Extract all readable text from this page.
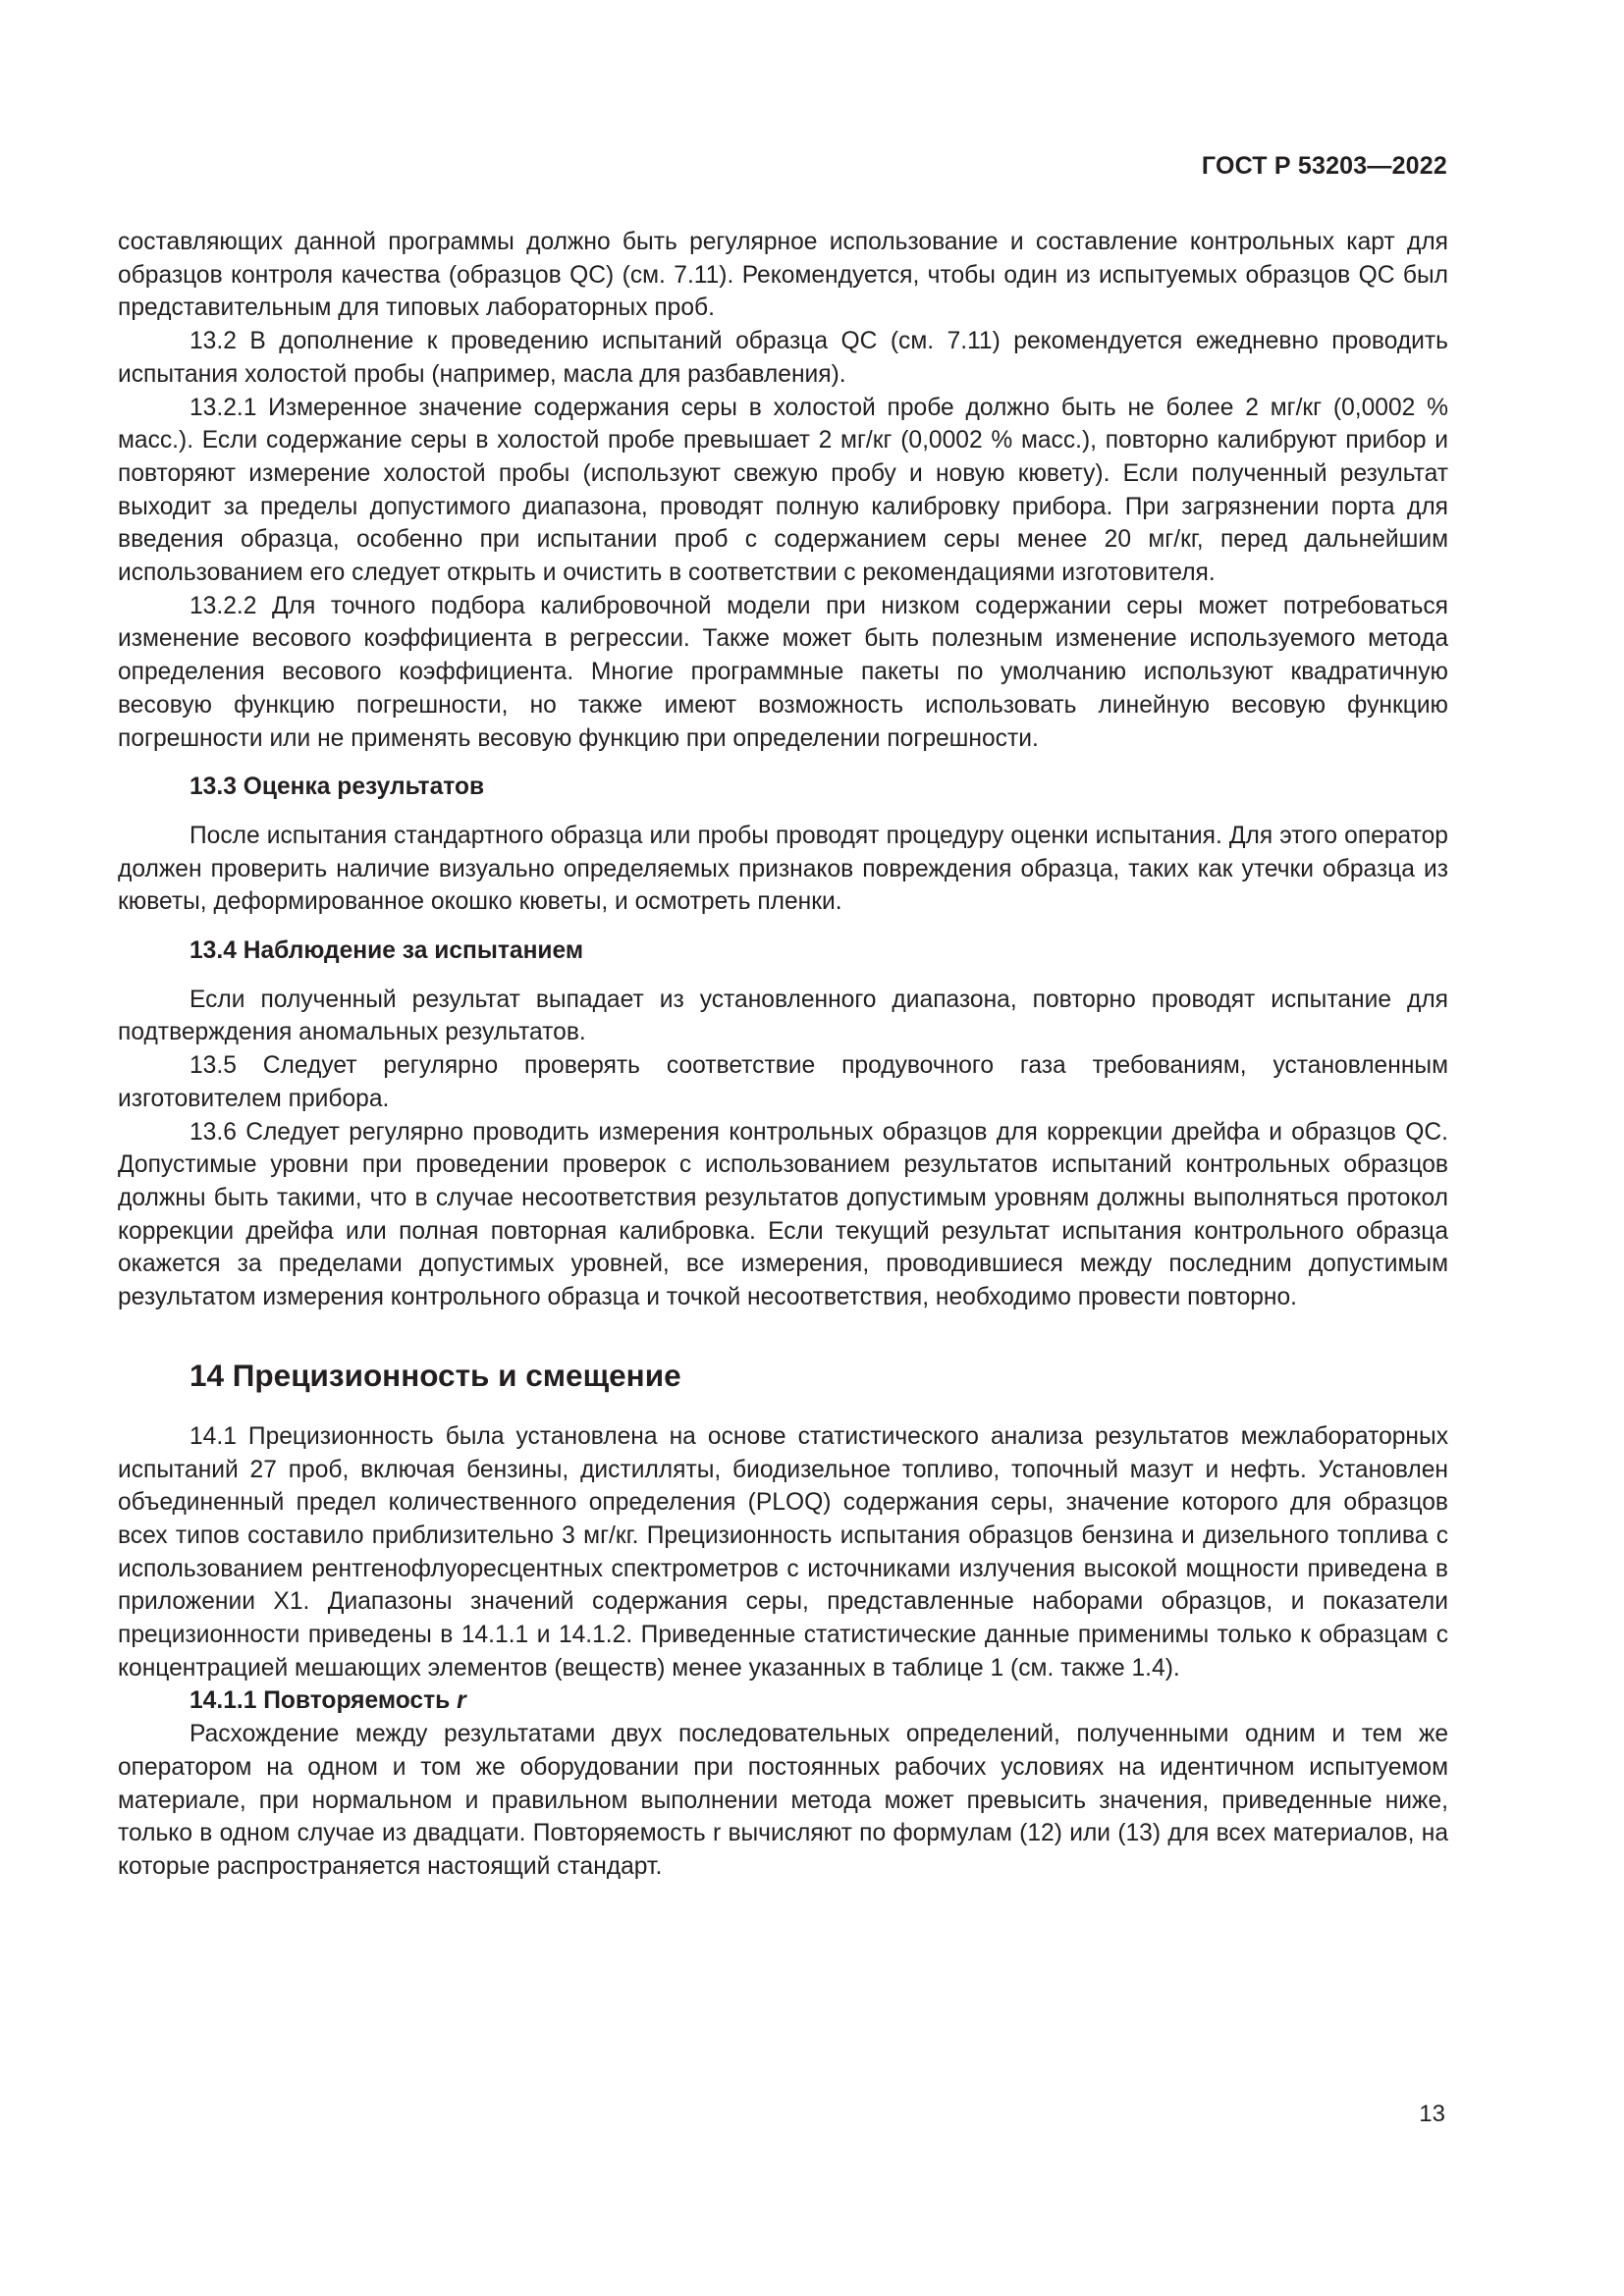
ГОСТ Р 53203—2022

составляющих данной программы должно быть регулярное использование и составление контрольных карт для образцов контроля качества (образцов QC) (см. 7.11). Рекомендуется, чтобы один из испытуемых образцов QC был представительным для типовых лабораторных проб.

13.2 В дополнение к проведению испытаний образца QC (см. 7.11) рекомендуется ежедневно проводить испытания холостой пробы (например, масла для разбавления).

13.2.1 Измеренное значение содержания серы в холостой пробе должно быть не более 2 мг/кг (0,0002 % масс.). Если содержание серы в холостой пробе превышает 2 мг/кг (0,0002 % масс.), повторно калибруют прибор и повторяют измерение холостой пробы (используют свежую пробу и новую кювету). Если полученный результат выходит за пределы допустимого диапазона, проводят полную калибровку прибора. При загрязнении порта для введения образца, особенно при испытании проб с содержанием серы менее 20 мг/кг, перед дальнейшим использованием его следует открыть и очистить в соответствии с рекомендациями изготовителя.

13.2.2 Для точного подбора калибровочной модели при низком содержании серы может потребоваться изменение весового коэффициента в регрессии. Также может быть полезным изменение используемого метода определения весового коэффициента. Многие программные пакеты по умолчанию используют квадратичную весовую функцию погрешности, но также имеют возможность использовать линейную весовую функцию погрешности или не применять весовую функцию при определении погрешности.

13.3 Оценка результатов

После испытания стандартного образца или пробы проводят процедуру оценки испытания. Для этого оператор должен проверить наличие визуально определяемых признаков повреждения образца, таких как утечки образца из кюветы, деформированное окошко кюветы, и осмотреть пленки.

13.4 Наблюдение за испытанием

Если полученный результат выпадает из установленного диапазона, повторно проводят испытание для подтверждения аномальных результатов.

13.5 Следует регулярно проверять соответствие продувочного газа требованиям, установленным изготовителем прибора.

13.6 Следует регулярно проводить измерения контрольных образцов для коррекции дрейфа и образцов QC. Допустимые уровни при проведении проверок с использованием результатов испытаний контрольных образцов должны быть такими, что в случае несоответствия результатов допустимым уровням должны выполняться протокол коррекции дрейфа или полная повторная калибровка. Если текущий результат испытания контрольного образца окажется за пределами допустимых уровней, все измерения, проводившиеся между последним допустимым результатом измерения контрольного образца и точкой несоответствия, необходимо провести повторно.

14 Прецизионность и смещение

14.1 Прецизионность была установлена на основе статистического анализа результатов межлабораторных испытаний 27 проб, включая бензины, дистилляты, биодизельное топливо, топочный мазут и нефть. Установлен объединенный предел количественного определения (PLOQ) содержания серы, значение которого для образцов всех типов составило приблизительно 3 мг/кг. Прецизионность испытания образцов бензина и дизельного топлива с использованием рентгенофлуоресцентных спектрометров с источниками излучения высокой мощности приведена в приложении X1. Диапазоны значений содержания серы, представленные наборами образцов, и показатели прецизионности приведены в 14.1.1 и 14.1.2. Приведенные статистические данные применимы только к образцам с концентрацией мешающих элементов (веществ) менее указанных в таблице 1 (см. также 1.4).

14.1.1 Повторяемость r

Расхождение между результатами двух последовательных определений, полученными одним и тем же оператором на одном и том же оборудовании при постоянных рабочих условиях на идентичном испытуемом материале, при нормальном и правильном выполнении метода может превысить значения, приведенные ниже, только в одном случае из двадцати. Повторяемость r вычисляют по формулам (12) или (13) для всех материалов, на которые распространяется настоящий стандарт.

13
